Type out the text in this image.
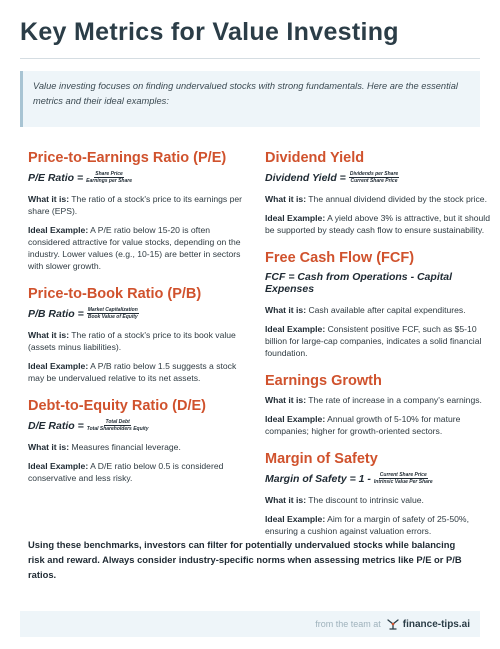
Key Metrics for Value Investing
Value investing focuses on finding undervalued stocks with strong fundamentals. Here are the essential metrics and their ideal examples:
Price-to-Earnings Ratio (P/E)
P/E Ratio = $\frac{\text{Share Price}}{\text{Earnings per Share}}$

What it is: The ratio of a stock's price to its earnings per share (EPS).

Ideal Example: A P/E ratio below 15-20 is often considered attractive for value stocks, depending on the industry. Lower values (e.g., 10-15) are better in sectors with slower growth.

Price-to-Book Ratio (P/B)
P/B Ratio = $\frac{\text{Market Capitalization}}{\text{Book Value of Equity}}$

What it is: The ratio of a stock's price to its book value (assets minus liabilities).

Ideal Example: A P/B ratio below 1.5 suggests a stock may be undervalued relative to its net assets.

Debt-to-Equity Ratio (D/E)
D/E Ratio = $\frac{\text{Total Debt}}{\text{Total Shareholders Equity}}$

What it is: Measures financial leverage.

Ideal Example: A D/E ratio below 0.5 is considered conservative and less risky.

Dividend Yield
Dividend Yield = $\frac{\text{Dividends per Share}}{\text{Current Share Price}}$

What it is: The annual dividend divided by the stock price.

Ideal Example: A yield above 3% is attractive, but it should be supported by steady cash flow to ensure sustainability.

Free Cash Flow (FCF)
FCF = Cash from Operations - Capital Expenses

What it is: Cash available after capital expenditures.

Ideal Example: Consistent positive FCF, such as $5-10 billion for large-cap companies, indicates a solid financial foundation.

Earnings Growth

What it is: The rate of increase in a company's earnings.

Ideal Example: Annual growth of 5-10% for mature companies; higher for growth-oriented sectors.

Margin of Safety
Margin of Safety = $1 - \frac{\text{Current Share Price}}{\text{Intrinsic Value Per Share}}$

What it is: The discount to intrinsic value.

Ideal Example: Aim for a margin of safety of 25-50%, ensuring a cushion against valuation errors.

Using these benchmarks, investors can filter for potentially undervalued stocks while balancing risk and reward. Always consider industry-specific norms when assessing metrics like P/E or P/B ratios.
from the team at finance-tips.ai
